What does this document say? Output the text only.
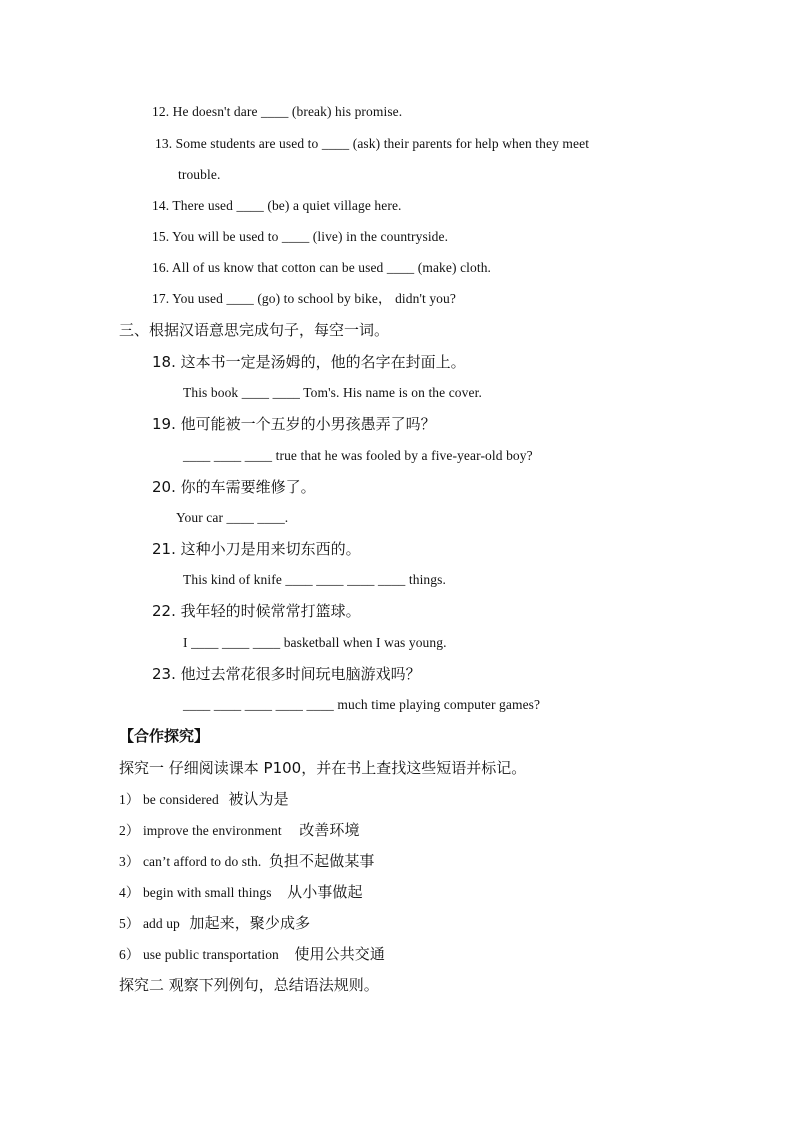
12. He doesn't dare ____ (break) his promise.
13. Some students are used to ____ (ask) their parents for help when they meet
trouble.
14. There used ____ (be) a quiet village here.
15. You will be used to ____ (live) in the countryside.
16. All of us know that cotton can be used ____ (make) cloth.
17. You used ____ (go) to school by bike， didn't you?
三、根据汉语意思完成句子，每空一词。
18. 这本书一定是汤姆的，他的名字在封面上。
This book ____ ____ Tom's. His name is on the cover.
19. 他可能被一个五岁的小男孩愚弄了吗？
____ ____ ____ true that he was fooled by a five-year-old boy?
20. 你的车需要维修了。
Your car ____ ____.
21. 这种小刀是用来切东西的。
This kind of knife ____ ____ ____ ____ things.
22. 我年轻的时候常常打篮球。
I ____ ____ ____ basketball when I was young.
23. 他过去常花很多时间玩电脑游戏吗？
____ ____ ____ ____ ____ much time playing computer games?
【合作探究】
探究一 仔细阅读课本 P100，并在书上查找这些短语并标记。
1） be considered 被认为是
2） improve the environment 改善环境
3） can’t afford to do sth. 负担不起做某事
4） begin with small things 从小事做起
5） add up 加起来，聚少成多
6） use public transportation 使用公共交通
探究二 观察下列例句，总结语法规则。
